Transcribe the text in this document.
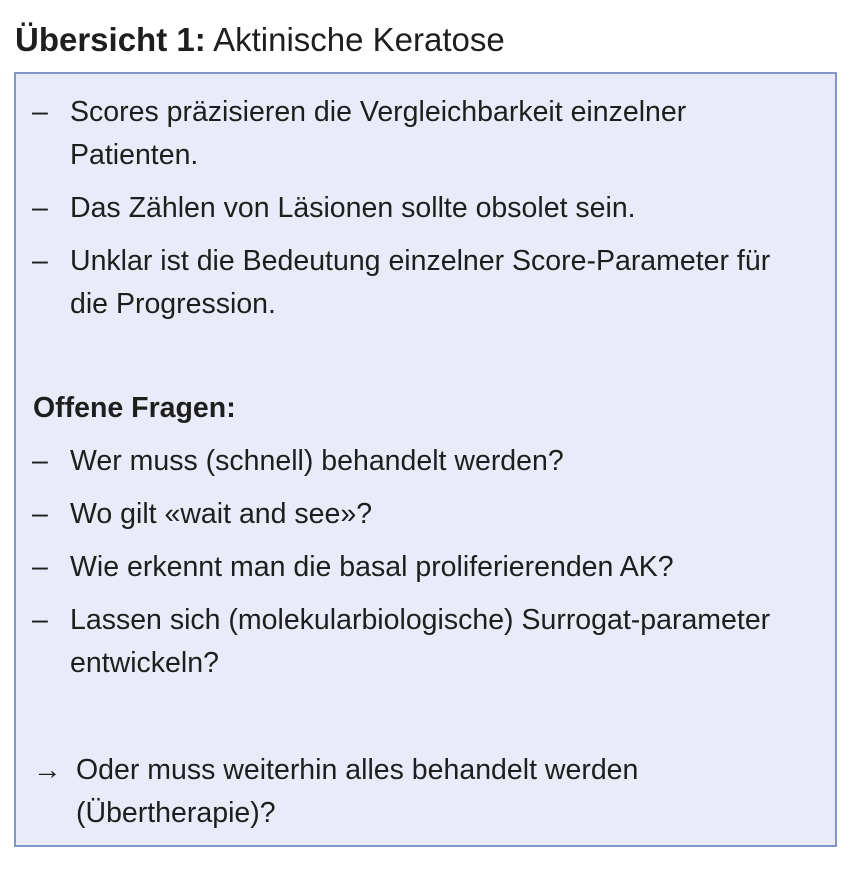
Übersicht 1: Aktinische Keratose
– Scores präzisieren die Vergleichbarkeit einzelner Patienten.
– Das Zählen von Läsionen sollte obsolet sein.
– Unklar ist die Bedeutung einzelner Score-Parameter für die Progression.
Offene Fragen:
– Wer muss (schnell) behandelt werden?
– Wo gilt «wait and see»?
– Wie erkennt man die basal proliferierenden AK?
– Lassen sich (molekularbiologische) Surrogat-parameter entwickeln?
→ Oder muss weiterhin alles behandelt werden (Übertherapie)?
